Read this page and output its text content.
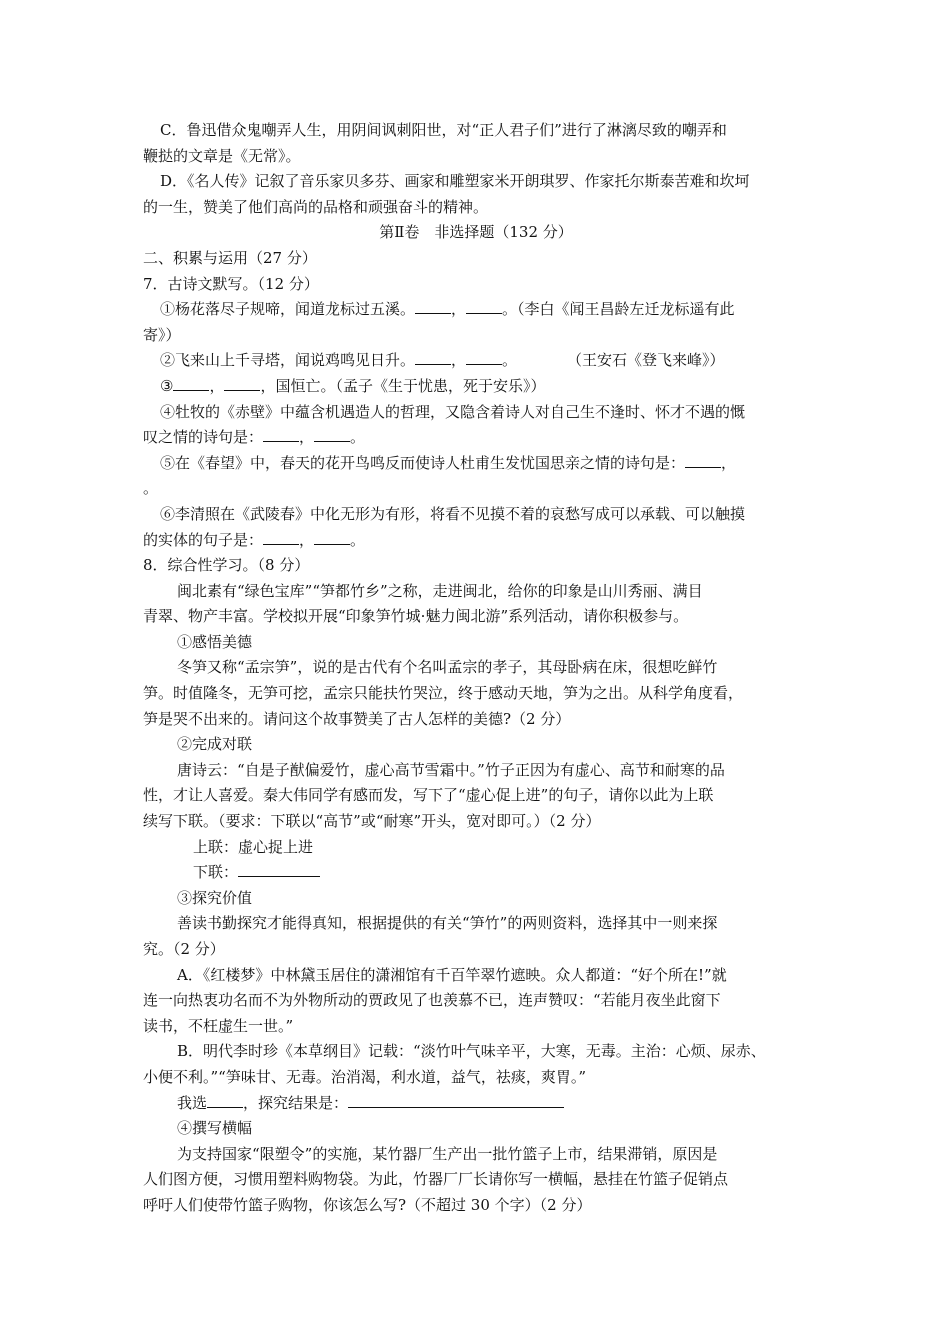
C．鲁迅借众鬼嘲弄人生，用阴间讽刺阳世，对“正人君子们”进行了淋漓尽致的嘲弄和
鞭挞的文章是《无常》。
D．《名人传》记叙了音乐家贝多芬、画家和雕塑家米开朗琪罗、作家托尔斯泰苦难和坎坷
的一生，赞美了他们高尚的品格和顽强奋斗的精神。
第Ⅱ卷　非选择题（132 分）
二、积累与运用（27 分）
7．古诗文默写。（12 分）
①杨花落尽子规啼，闻道龙标过五溪。 ， 。（李白《闻王昌龄左迁龙标遥有此
寄》）
②飞来山上千寻塔，闻说鸡鸣见日升。 ， 。	（王安石《登飞来峰》）
③ ， ，国恒亡。（孟子《生于忧患，死于安乐》）
④牡牧的《赤壁》中蕴含机遇造人的哲理，又隐含着诗人对自己生不逢时、怀才不遇的慨
叹之情的诗句是： ， 。
⑤在《春望》中，春天的花开鸟鸣反而使诗人杜甫生发忧国思亲之情的诗句是： ，
。
⑥李清照在《武陵春》中化无形为有形，将看不见摸不着的哀愁写成可以承载、可以触摸
的实体的句子是： ， 。
8．综合性学习。（8 分）
闽北素有“绿色宝库”“笋都竹乡”之称，走进闽北，给你的印象是山川秀丽、满目
青翠、物产丰富。学校拟开展“印象笋竹城·魅力闽北游”系列活动，请你积极参与。
①感悟美德
冬笋又称“孟宗笋”，说的是古代有个名叫孟宗的孝子，其母卧病在床，很想吃鲜竹
笋。时值隆冬，无笋可挖，孟宗只能扶竹哭泣，终于感动天地，笋为之出。从科学角度看，
笋是哭不出来的。请问这个故事赞美了古人怎样的美德?（2 分）
②完成对联
唐诗云：“自是子猷偏爱竹，虚心高节雪霜中。”竹子正因为有虚心、高节和耐寒的品
性，才让人喜爱。秦大伟同学有感而发，写下了“虚心促上进”的句子，请你以此为上联
续写下联。（要求：下联以“高节”或“耐寒”开头，宽对即可。）（2 分）
上联：虚心捉上进
下联：
③探究价值
善读书勤探究才能得真知，根据提供的有关“笋竹”的两则资料，选择其中一则来探
究。（2 分）
A．《红楼梦》中林黛玉居住的潇湘馆有千百竿翠竹遮映。众人都道：“好个所在!”就
连一向热衷功名而不为外物所动的贾政见了也羡慕不已，连声赞叹：“若能月夜坐此窗下
读书，不枉虚生一世。”
B．明代李时珍《本草纲目》记载：“淡竹叶气味辛平，大寒，无毒。主治：心烦、尿赤、
小便不利。”“笋味甘、无毒。治消渴，利水道，益气，祛痰，爽胃。”
我选 ，探究结果是：
④撰写横幅
为支持国家“限塑令”的实施，某竹器厂生产出一批竹篮子上市，结果滞销，原因是
人们图方便，习惯用塑料购物袋。为此，竹器厂厂长请你写一横幅，悬挂在竹篮子促销点
呼吁人们使带竹篮子购物，你该怎么写?（不超过 30 个字）（2 分）
